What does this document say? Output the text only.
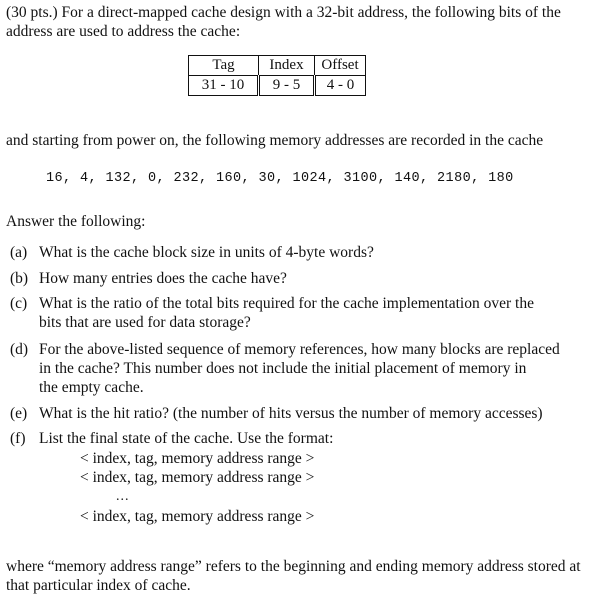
(30 pts.) For a direct-mapped cache design with a 32-bit address, the following bits of the address are used to address the cache:
Tag	Index	Offset
31 - 10	9 - 5	4 - 0
and starting from power on, the following memory addresses are recorded in the cache
16, 4, 132, 0, 232, 160, 30, 1024, 3100, 140, 2180, 180
Answer the following:
(a) What is the cache block size in units of 4-byte words?
(b) How many entries does the cache have?
(c) What is the ratio of the total bits required for the cache implementation over the
bits that are used for data storage?
(d) For the above-listed sequence of memory references, how many blocks are replaced
in the cache? This number does not include the initial placement of memory in
the empty cache.
(e) What is the hit ratio? (the number of hits versus the number of memory accesses)
(f) List the final state of the cache. Use the format:
< index, tag, memory address range >
< index, tag, memory address range >
...
< index, tag, memory address range >
where “memory address range” refers to the beginning and ending memory address stored at that particular index of cache.
